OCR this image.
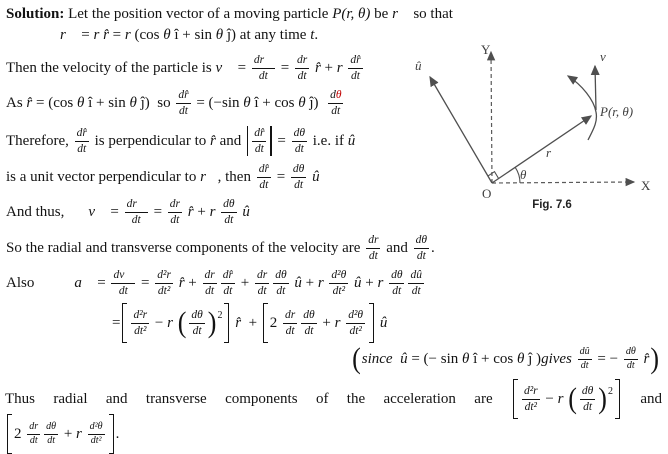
Y
X
O
û
v⃗
r⃗
θ
P(r, θ)
Fig. 7.6
Solution: Let the position vector of a moving particle P(r, θ) be r⃗ so that
r⃗ = r r̂ = r (cos θ î + sin θ ĵ) at any time t .
Then the velocity of the particle is v⃗ = $\frac{dr⃗}{dt} = \frac{dr}{dt}$ r̂ + r $\frac{dr̂}{dt}$
As r̂ = (cos θ î + sin θ ĵ)  so $\frac{dr̂}{dt} = (-\sin$ θ î + cos θ ĵ) $\frac{d\theta}{dt}$
Therefore, $\frac{dr̂}{dt}$ is perpendicular to r̂ and $\frac{dr̂}{dt} = \frac{d\theta}{dt} i.e$. if û
is a unit vector perpendicular to r⃗ , then $\frac{dr̂}{dt} = \frac{d\theta}{dt}$ û
And thus, v⃗ = $\frac{dr⃗}{dt} = \frac{dr}{dt}$ r̂ + r $\frac{d\theta}{dt}$ û
So the radial and transverse components of the velocity are $\frac{dr}{dt}$ and $\frac{d\theta}{dt}$ .
Also	a⃗ = $\frac{dv⃗}{dt} = \frac{\text{d²r}}{\text{dt²}}$ r̂ + $\frac{dr}{dt} \frac{dr̂}{dt} + \frac{dr}{dt} \frac{d\theta}{dt}$ û + r $\frac{\text{d²θ}}{\text{dt²}}$ û + r $\frac{d\theta}{dt} \frac{dû}{dt}$
= $\frac{\text{d²r}}{\text{dt²}} - r$ ( $\frac{d\theta}{dt}$ ) 2 r̂ + $2 \frac{dr}{dt} \frac{d\theta}{dt} + r \frac{\text{d²θ}}{\text{dt²}}$ û
( since
û = (− sin θ î + cos θ ĵ ) gives
$\frac{dû}{dt}$ = − $\frac{d\theta}{dt}$ r̂ )
Thus radial and transverse components of the acceleration are	$\frac{\text{d²r}}{\text{dt²}} - r$ ( $\frac{d\theta}{dt}$ ) 2 and
$2 \frac{dr}{dt} \frac{d\theta}{dt} + r \frac{\text{d²θ}}{\text{dt²}}$ .
